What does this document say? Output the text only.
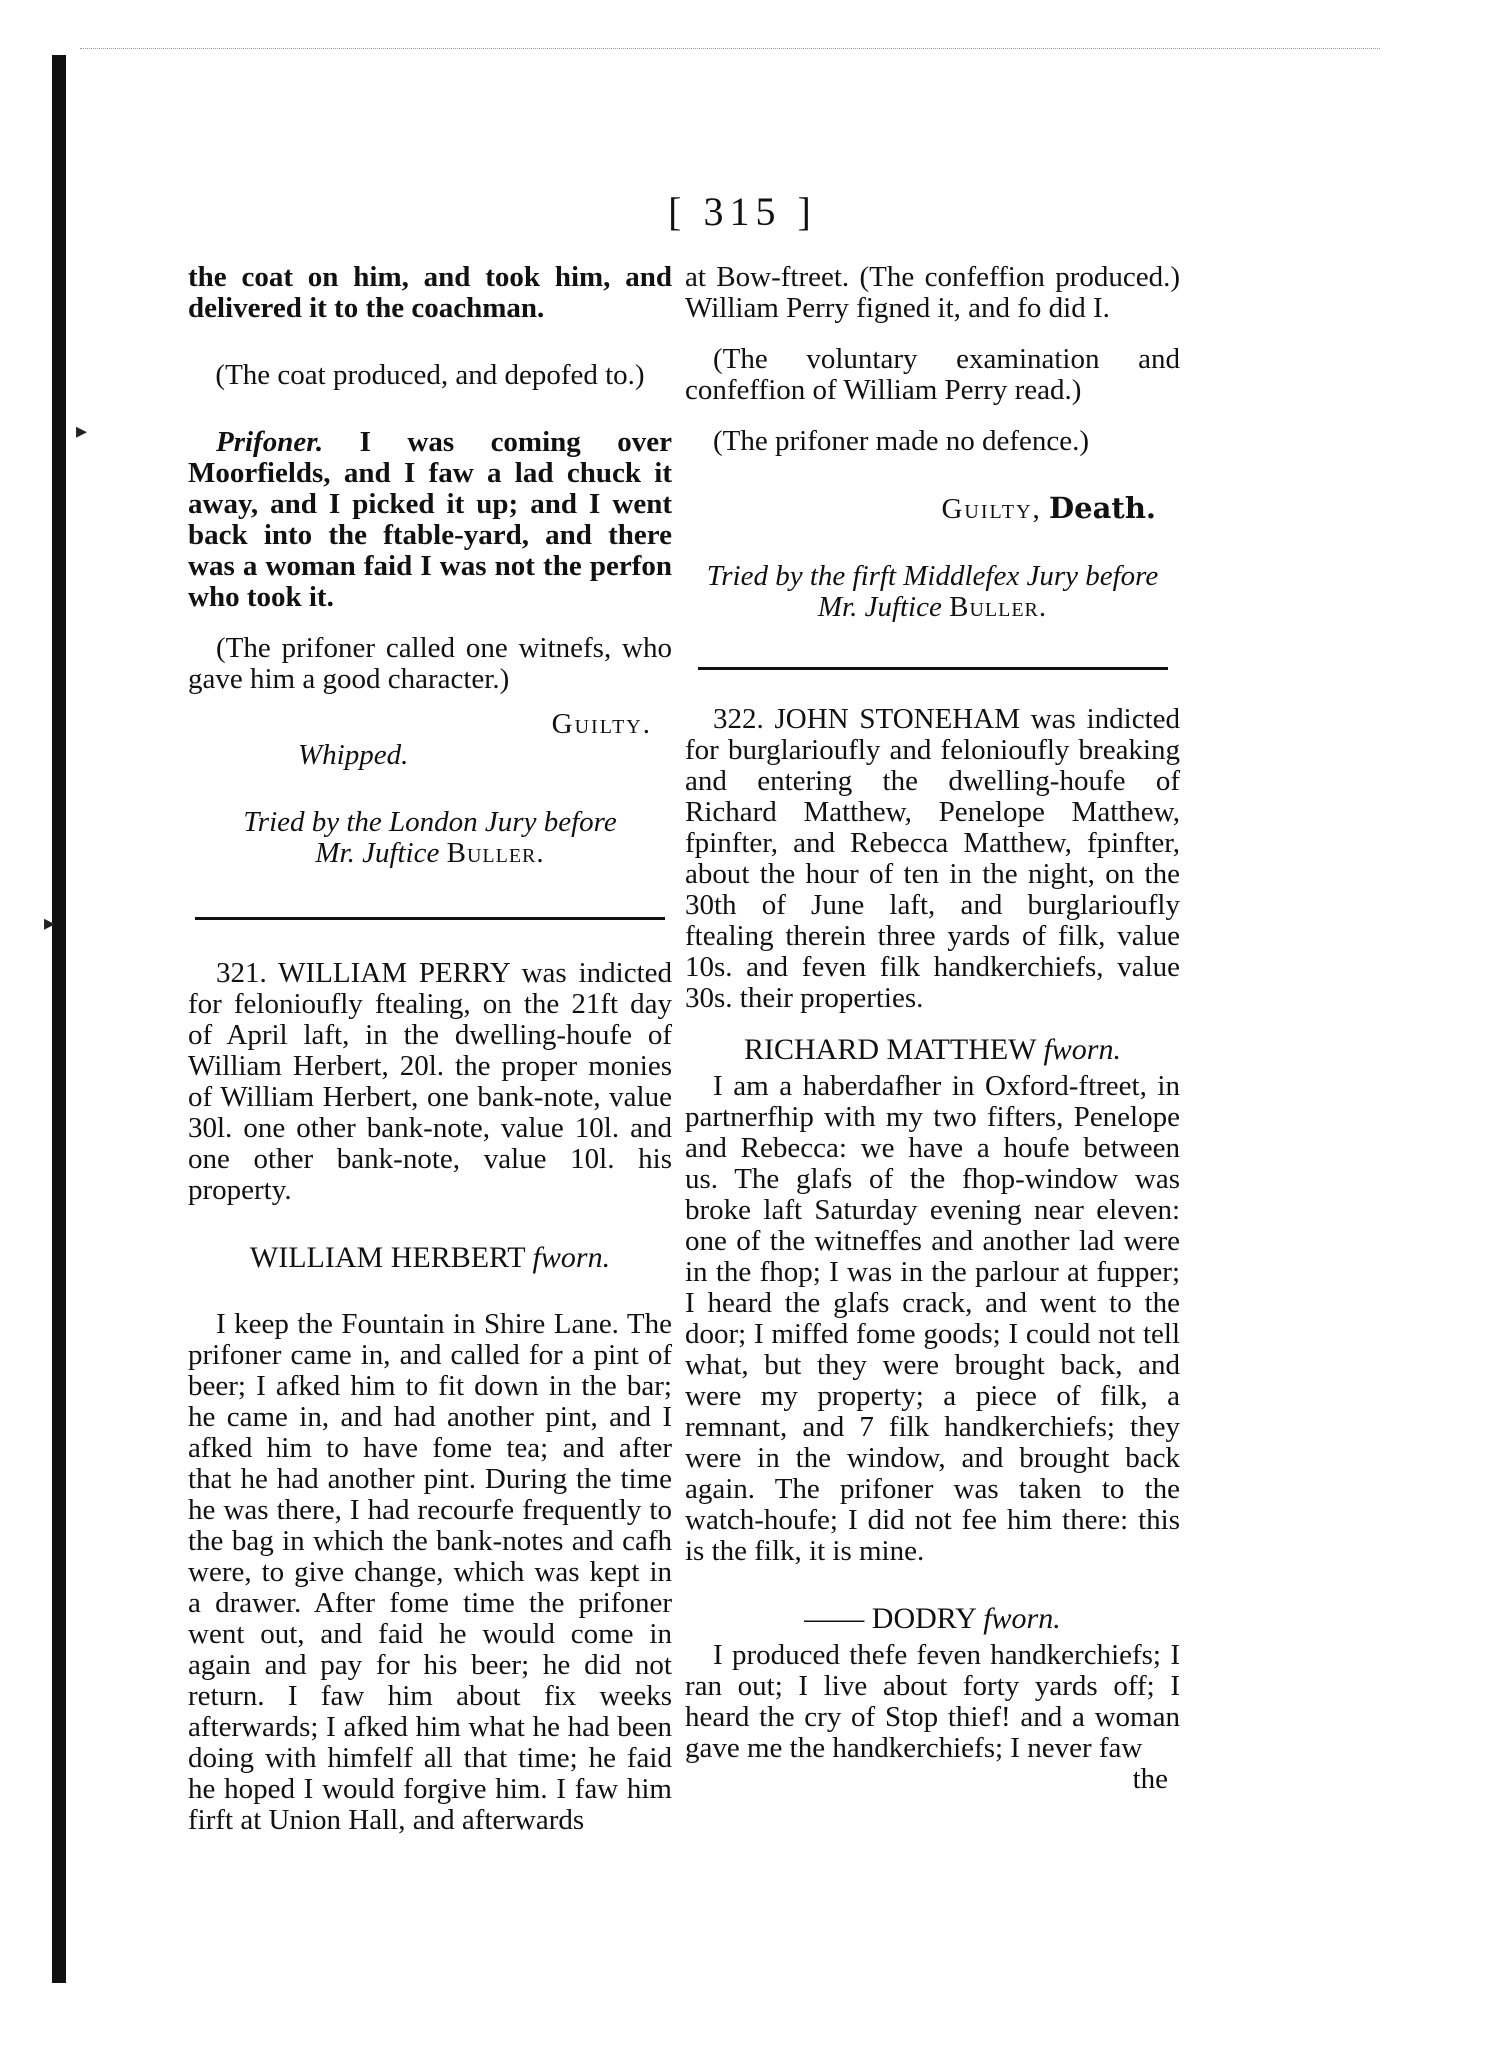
▸
▸
[ 315 ]

the coat on him, and took him, and delivered it to the coachman.

(The coat produced, and depofed to.)

Prifoner. I was coming over Moorfields, and I faw a lad chuck it away, and I picked it up; and I went back into the ftable-yard, and there was a woman faid I was not the perfon who took it.

(The prifoner called one witnefs, who gave him a good character.)

Guilty.

Whipped.

Tried by the London Jury before

Mr. Juftice Buller.

321. WILLIAM PERRY was indicted for felonioufly ftealing, on the 21ft day of April laft, in the dwelling-houfe of William Herbert, 20l. the proper monies of William Herbert, one bank-note, value 30l. one other bank-note, value 10l. and one other bank-note, value 10l. his property.

WILLIAM HERBERT fworn.

I keep the Fountain in Shire Lane. The prifoner came in, and called for a pint of beer; I afked him to fit down in the bar; he came in, and had another pint, and I afked him to have fome tea; and after that he had another pint. During the time he was there, I had recourfe frequently to the bag in which the bank-notes and cafh were, to give change, which was kept in a drawer. After fome time the prifoner went out, and faid he would come in again and pay for his beer; he did not return. I faw him about fix weeks afterwards; I afked him what he had been doing with himfelf all that time; he faid he hoped I would forgive him. I faw him firft at Union Hall, and afterwards

at Bow-ftreet. (The confeffion produced.) William Perry figned it, and fo did I.

(The voluntary examination and confeffion of William Perry read.)

(The prifoner made no defence.)

Guilty, Death.

Tried by the firft Middlefex Jury before

Mr. Juftice Buller.

322. JOHN STONEHAM was indicted for burglarioufly and felonioufly breaking and entering the dwelling-houfe of Richard Matthew, Penelope Matthew, fpinfter, and Rebecca Matthew, fpinfter, about the hour of ten in the night, on the 30th of June laft, and burglarioufly ftealing therein three yards of filk, value 10s. and feven filk handkerchiefs, value 30s. their properties.

RICHARD MATTHEW fworn.

I am a haberdafher in Oxford-ftreet, in partnerfhip with my two fifters, Penelope and Rebecca: we have a houfe between us. The glafs of the fhop-window was broke laft Saturday evening near eleven: one of the witneffes and another lad were in the fhop; I was in the parlour at fupper; I heard the glafs crack, and went to the door; I miffed fome goods; I could not tell what, but they were brought back, and were my property; a piece of filk, a remnant, and 7 filk handkerchiefs; they were in the window, and brought back again. The prifoner was taken to the watch-houfe; I did not fee him there: this is the filk, it is mine.

—— DODRY fworn.

I produced thefe feven handkerchiefs; I ran out; I live about forty yards off; I heard the cry of Stop thief! and a woman gave me the handkerchiefs; I never faw

the
